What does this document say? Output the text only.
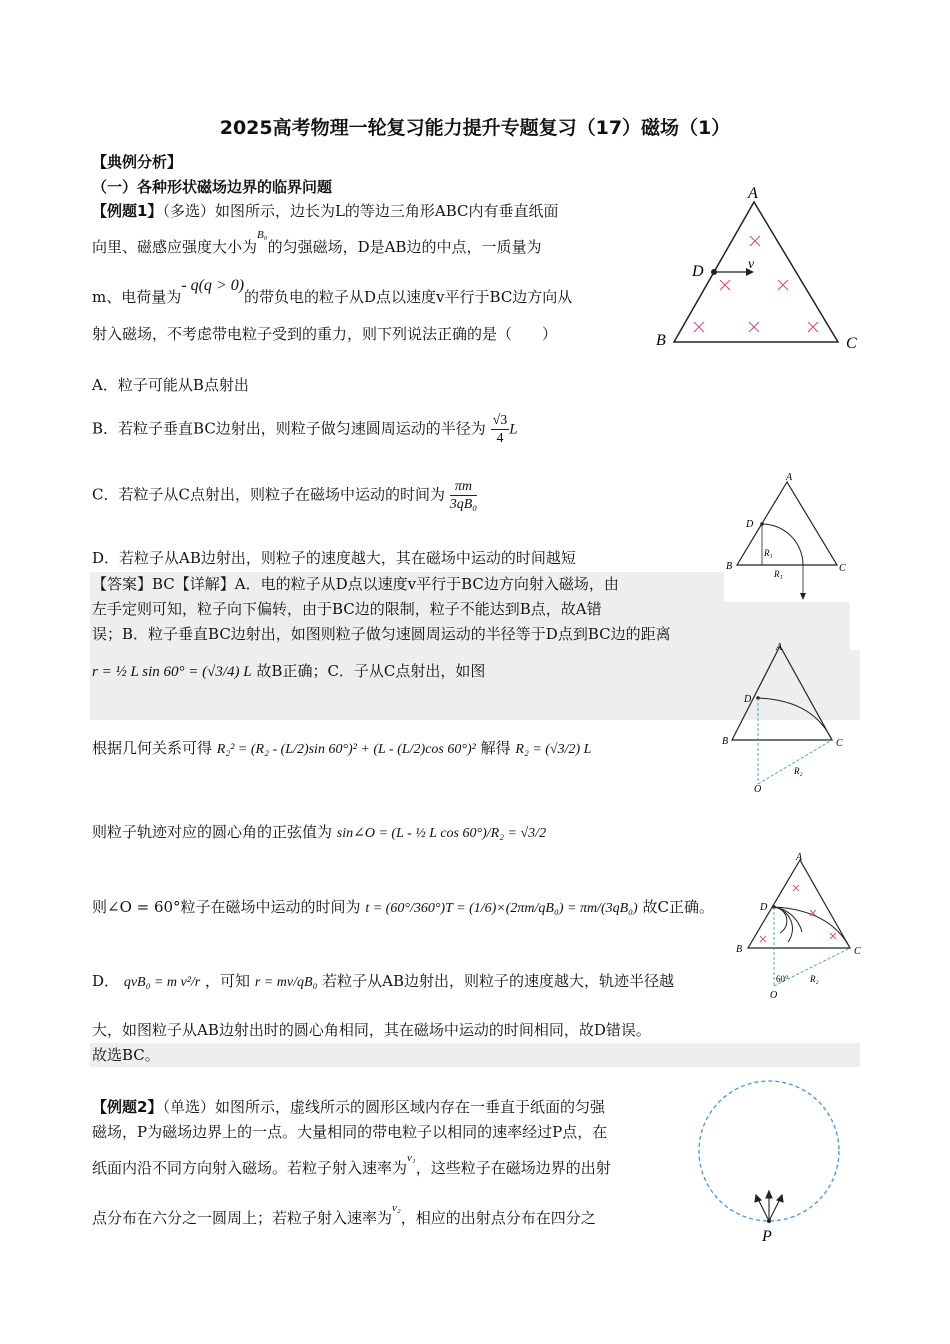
2025高考物理一轮复习能力提升专题复习（17）磁场（1）
【典例分析】
（一）各种形状磁场边界的临界问题
【例题1】（多选）如图所示，边长为L的等边三角形ABC内有垂直纸面
向里、磁感应强度大小为$^{B_0}$的匀强磁场，D是AB边的中点，一质量为
m、电荷量为- q(q > 0)的带负电的粒子从D点以速度v平行于BC边方向从
射入磁场，不考虑带电粒子受到的重力，则下列说法正确的是（　　）
A．粒子可能从B点射出
B．若粒子垂直BC边射出，则粒子做匀速圆周运动的半径为 $\frac{√3}{4}$ L
C．若粒子从C点射出，则粒子在磁场中运动的时间为 $\frac{\pi m}{\text{3qB₀}}$
D．若粒子从AB边射出，则粒子的速度越大，其在磁场中运动的时间越短
【答案】BC【详解】A．电的粒子从D点以速度v平行于BC边方向射入磁场，由
左手定则可知，粒子向下偏转，由于BC边的限制，粒子不能达到B点，故A错
误；B．粒子垂直BC边射出，如图则粒子做匀速圆周运动的半径等于D点到BC边的距离
r = ½ L sin 60° = (√3/4) L 故B正确；C．子从C点射出，如图
根据几何关系可得 R₂² = (R₂ - (L/2)sin 60°)² + (L - (L/2)cos 60°)² 解得 R₂ = (√3/2) L
则粒子轨迹对应的圆心角的正弦值为 sin∠O = (L - ½ L cos 60°)/R₂ = √3/2
则∠O = 60°粒子在磁场中运动的时间为 t = (60°/360°)T = (1/6)×(2πm/qB₀) = πm/(3qB₀) 故C正确。
D． qvB₀ = m v²/r ，可知 r = mv/qB₀ 若粒子从AB边射出，则粒子的速度越大，轨迹半径越
大，如图粒子从AB边射出时的圆心角相同，其在磁场中运动的时间相同，故D错误。
故选BC。
【例题2】（单选）如图所示，虚线所示的圆形区域内存在一垂直于纸面的匀强
磁场，P为磁场边界上的一点。大量相同的带电粒子以相同的速率经过P点，在
纸面内沿不同方向射入磁场。若粒子射入速率为$^{v_1}$，这些粒子在磁场边界的出射
点分布在六分之一圆周上；若粒子射入速率为$^{v_2}$，相应的出射点分布在四分之
A
B	C
D	v
A
B	C
D
R₁
R₁
A
B	C
D
O
R₂
A
B	C
D
60°
O
R₂
P
